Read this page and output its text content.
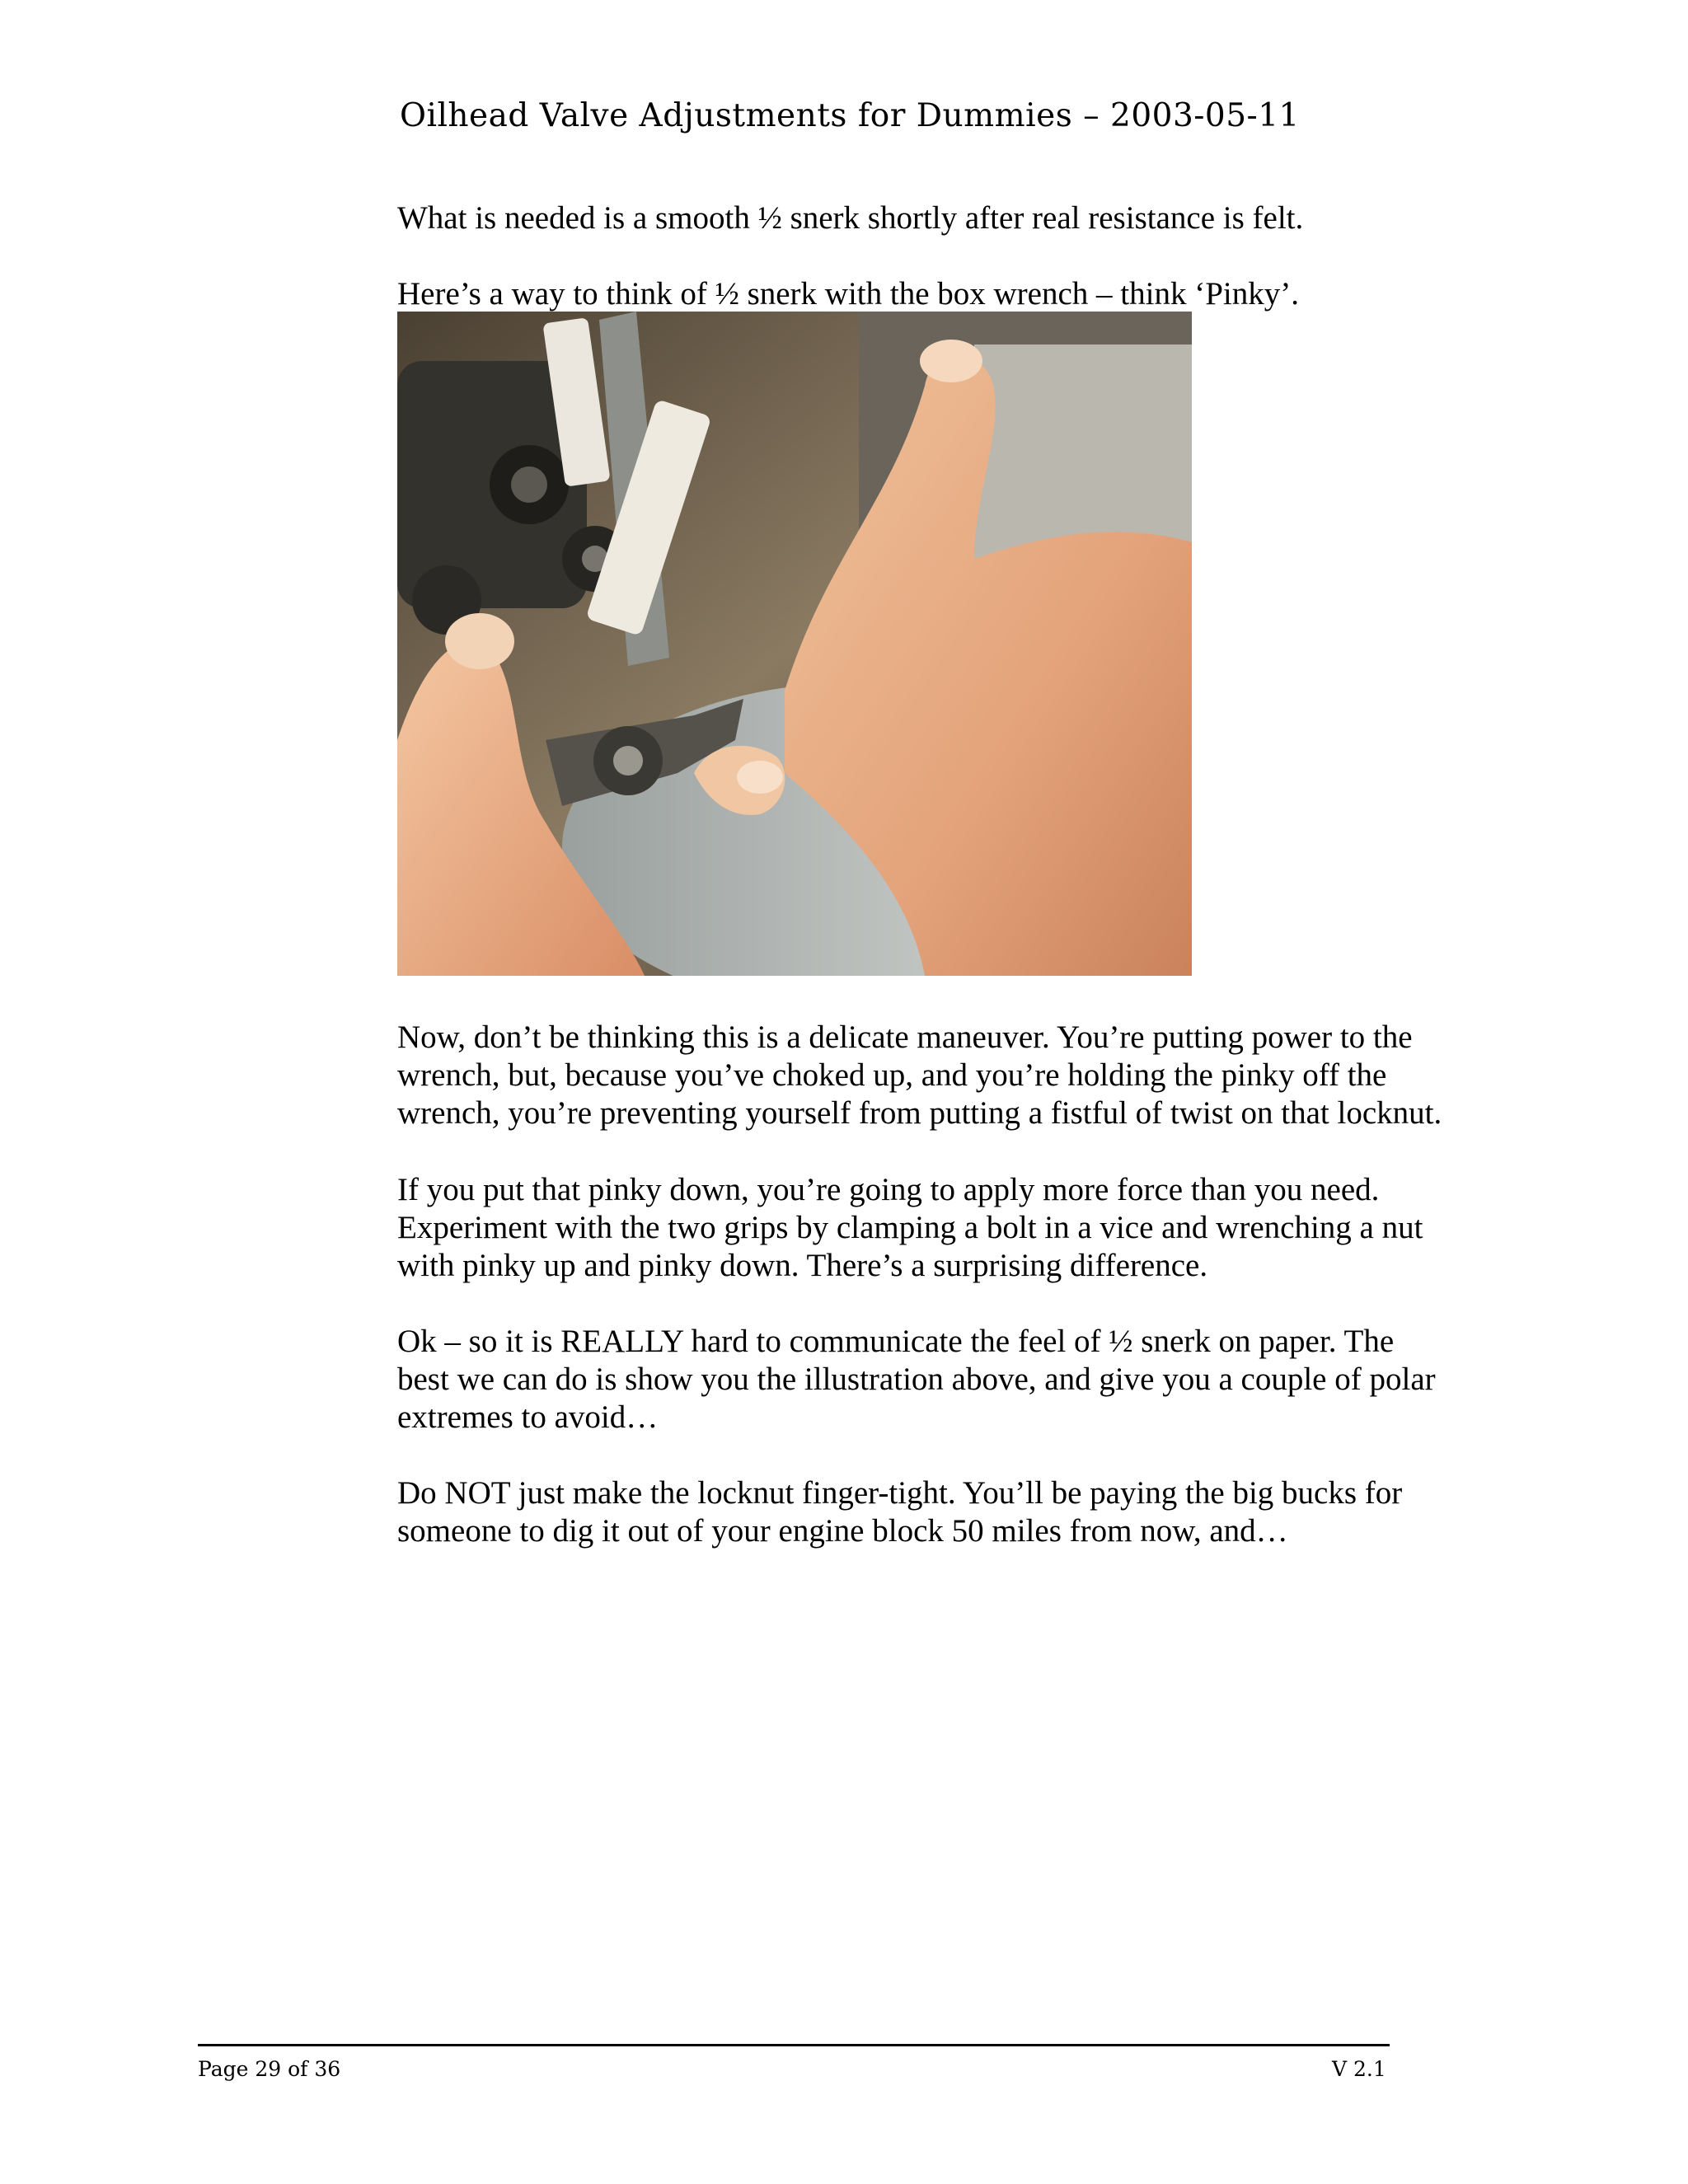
Oilhead Valve Adjustments for Dummies – 2003-05-11

What is needed is a smooth ½ snerk shortly after real resistance is felt.

Here’s a way to think of ½ snerk with the box wrench – think ‘Pinky’.

Now, don’t be thinking this is a delicate maneuver. You’re putting power to the
wrench, but, because you’ve choked up, and you’re holding the pinky off the
wrench, you’re preventing yourself from putting a fistful of twist on that locknut.

If you put that pinky down, you’re going to apply more force than you need.
Experiment with the two grips by clamping a bolt in a vice and wrenching a nut
with pinky up and pinky down. There’s a surprising difference.

Ok – so it is REALLY hard to communicate the feel of ½ snerk on paper. The
best we can do is show you the illustration above, and give you a couple of polar
extremes to avoid…

Do NOT just make the locknut finger-tight. You’ll be paying the big bucks for
someone to dig it out of your engine block 50 miles from now, and…

Page 29 of 36	V 2.1
